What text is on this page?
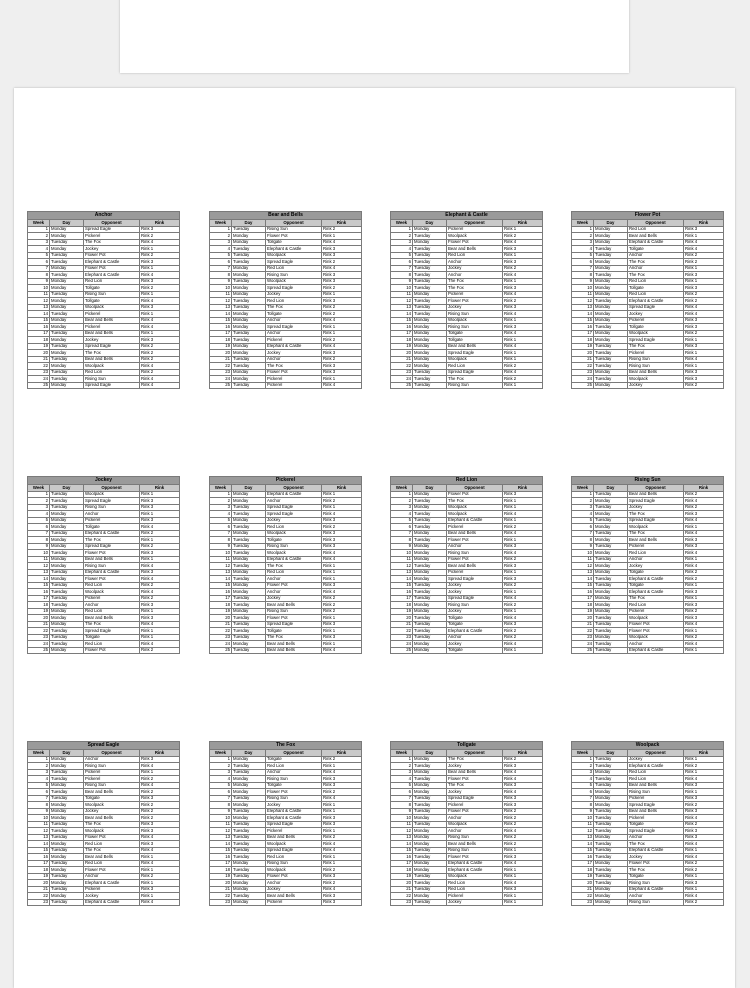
Anchor			
Week	Day	Opponent	Rink
1	Monday	Spread Eagle	Rink 3
2	Monday	Pickerel	Rink 2
3	Tuesday	The Fox	Rink 4
4	Monday	Jockey	Rink 1
5	Tuesday	Flower Pot	Rink 2
6	Tuesday	Elephant & Castle	Rink 3
7	Monday	Flower Pot	Rink 1
8	Tuesday	Elephant & Castle	Rink 4
9	Monday	Red Lion	Rink 3
10	Monday	Tollgate	Rink 2
11	Tuesday	Rising Sun	Rink 1
12	Monday	Tollgate	Rink 4
13	Monday	Woolpack	Rink 3
14	Tuesday	Pickerel	Rink 1
15	Monday	Bear and Bells	Rink 4
16	Monday	Pickerel	Rink 4
17	Tuesday	Bear and Bells	Rink 1
18	Monday	Jockey	Rink 3
19	Tuesday	Spread Eagle	Rink 2
20	Monday	The Fox	Rink 2
21	Tuesday	Bear and Bells	Rink 2
22	Monday	Woolpack	Rink 4
23	Tuesday	Red Lion	Rink 2
24	Tuesday	Rising Sun	Rink 4
25	Monday	Spread Eagle	Rink 4
Bear and Bells			
Week	Day	Opponent	Rink
1	Tuesday	Rising Sun	Rink 2
2	Monday	Flower Pot	Rink 1
3	Monday	Tollgate	Rink 4
4	Tuesday	Elephant & Castle	Rink 3
5	Tuesday	Woolpack	Rink 3
6	Tuesday	Spread Eagle	Rink 2
7	Monday	Red Lion	Rink 4
8	Monday	Rising Sun	Rink 3
9	Tuesday	Woolpack	Rink 3
10	Monday	Spread Eagle	Rink 2
11	Monday	Jockey	Rink 1
12	Tuesday	Red Lion	Rink 3
13	Tuesday	The Fox	Rink 2
14	Monday	Tollgate	Rink 2
15	Monday	Anchor	Rink 4
16	Monday	Spread Eagle	Rink 1
17	Tuesday	Anchor	Rink 1
18	Tuesday	Pickerel	Rink 2
19	Monday	Elephant & Castle	Rink 4
20	Monday	Jockey	Rink 3
21	Tuesday	Anchor	Rink 2
22	Tuesday	The Fox	Rink 3
23	Monday	Flower Pot	Rink 3
24	Monday	Pickerel	Rink 1
25	Tuesday	Pickerel	Rink 4
Elephant & Castle			
Week	Day	Opponent	Rink
1	Monday	Pickerel	Rink 1
2	Tuesday	Woolpack	Rink 2
3	Monday	Flower Pot	Rink 4
4	Tuesday	Bear and Bells	Rink 3
5	Tuesday	Red Lion	Rink 1
6	Tuesday	Anchor	Rink 3
7	Tuesday	Jockey	Rink 2
8	Tuesday	Anchor	Rink 4
9	Tuesday	The Fox	Rink 1
10	Tuesday	The Fox	Rink 3
11	Monday	Pickerel	Rink 4
12	Tuesday	Flower Pot	Rink 2
13	Tuesday	Jockey	Rink 3
14	Tuesday	Rising Sun	Rink 4
15	Monday	Woolpack	Rink 1
16	Monday	Rising Sun	Rink 3
17	Monday	Tollgate	Rink 4
18	Monday	Tollgate	Rink 1
19	Monday	Bear and Bells	Rink 4
20	Monday	Spread Eagle	Rink 1
21	Monday	Woolpack	Rink 1
22	Monday	Red Lion	Rink 2
23	Tuesday	Spread Eagle	Rink 4
24	Tuesday	The Fox	Rink 2
25	Tuesday	Rising Sun	Rink 1
Flower Pot			
Week	Day	Opponent	Rink
1	Monday	Red Lion	Rink 3
2	Monday	Bear and Bells	Rink 1
3	Monday	Elephant & Castle	Rink 4
4	Tuesday	Tollgate	Rink 4
5	Tuesday	Anchor	Rink 2
6	Monday	The Fox	Rink 2
7	Monday	Anchor	Rink 1
8	Tuesday	The Fox	Rink 3
9	Monday	Red Lion	Rink 1
10	Monday	Tollgate	Rink 3
11	Monday	Red Lion	Rink 2
12	Tuesday	Elephant & Castle	Rink 2
13	Monday	Spread Eagle	Rink 4
14	Monday	Jockey	Rink 4
15	Monday	Pickerel	Rink 3
16	Tuesday	Tollgate	Rink 3
17	Monday	Woolpack	Rink 2
18	Monday	Spread Eagle	Rink 1
19	Tuesday	The Fox	Rink 3
20	Tuesday	Pickerel	Rink 1
21	Tuesday	Rising Sun	Rink 4
22	Tuesday	Rising Sun	Rink 1
23	Monday	Bear and Bells	Rink 3
24	Tuesday	Woolpack	Rink 3
25	Monday	Jockey	Rink 2
Jockey			
Week	Day	Opponent	Rink
1	Tuesday	Woolpack	Rink 1
2	Tuesday	Spread Eagle	Rink 3
3	Tuesday	Rising Sun	Rink 3
4	Monday	Anchor	Rink 1
5	Monday	Pickerel	Rink 3
6	Monday	Tollgate	Rink 4
7	Tuesday	Elephant & Castle	Rink 2
8	Monday	The Fox	Rink 1
9	Monday	Spread Eagle	Rink 2
10	Tuesday	Flower Pot	Rink 3
11	Monday	Bear and Bells	Rink 1
12	Monday	Rising Sun	Rink 4
13	Tuesday	Elephant & Castle	Rink 3
14	Monday	Flower Pot	Rink 4
15	Tuesday	Red Lion	Rink 2
16	Tuesday	Woolpack	Rink 4
17	Tuesday	Pickerel	Rink 2
18	Tuesday	Anchor	Rink 3
19	Monday	Red Lion	Rink 1
20	Monday	Bear and Bells	Rink 3
21	Monday	The Fox	Rink 4
22	Tuesday	Spread Eagle	Rink 1
23	Tuesday	Tollgate	Rink 1
24	Tuesday	Red Lion	Rink 4
25	Monday	Flower Pot	Rink 2
Pickerel			
Week	Day	Opponent	Rink
1	Monday	Elephant & Castle	Rink 1
2	Monday	Anchor	Rink 2
3	Tuesday	Spread Eagle	Rink 1
4	Tuesday	Spread Eagle	Rink 4
5	Monday	Jockey	Rink 3
6	Tuesday	Red Lion	Rink 2
7	Monday	Woolpack	Rink 3
8	Tuesday	Tollgate	Rink 3
9	Tuesday	Rising Sun	Rink 3
10	Tuesday	Woolpack	Rink 4
11	Monday	Elephant & Castle	Rink 4
12	Tuesday	The Fox	Rink 1
13	Monday	Red Lion	Rink 1
14	Tuesday	Anchor	Rink 1
15	Monday	Flower Pot	Rink 3
16	Monday	Anchor	Rink 4
17	Tuesday	Jockey	Rink 2
18	Tuesday	Bear and Bells	Rink 2
19	Monday	Rising Sun	Rink 2
20	Tuesday	Flower Pot	Rink 1
21	Tuesday	Spread Eagle	Rink 3
22	Tuesday	Tollgate	Rink 1
23	Tuesday	The Fox	Rink 3
24	Monday	Bear and Bells	Rink 1
25	Tuesday	Bear and Bells	Rink 4
Red Lion			
Week	Day	Opponent	Rink
1	Monday	Flower Pot	Rink 3
2	Tuesday	The Fox	Rink 1
3	Monday	Woolpack	Rink 1
4	Tuesday	Woolpack	Rink 4
5	Tuesday	Elephant & Castle	Rink 1
6	Tuesday	Pickerel	Rink 2
7	Monday	Bear and Bells	Rink 4
8	Tuesday	Flower Pot	Rink 1
9	Monday	Anchor	Rink 3
10	Monday	Rising Sun	Rink 4
11	Monday	Flower Pot	Rink 2
12	Tuesday	Bear and Bells	Rink 3
13	Monday	Pickerel	Rink 1
14	Monday	Spread Eagle	Rink 3
15	Tuesday	Jockey	Rink 2
16	Tuesday	Jockey	Rink 1
17	Tuesday	Spread Eagle	Rink 4
18	Monday	Rising Sun	Rink 2
19	Monday	Jockey	Rink 1
20	Tuesday	Tollgate	Rink 4
21	Tuesday	Tollgate	Rink 3
22	Tuesday	Elephant & Castle	Rink 2
23	Tuesday	Anchor	Rink 2
24	Monday	Jockey	Rink 4
25	Monday	Tollgate	Rink 1
Rising Sun			
Week	Day	Opponent	Rink
1	Tuesday	Bear and Bells	Rink 2
2	Monday	Spread Eagle	Rink 4
3	Tuesday	Jockey	Rink 2
4	Monday	The Fox	Rink 3
5	Tuesday	Spread Eagle	Rink 4
6	Monday	Woolpack	Rink 1
7	Tuesday	The Fox	Rink 4
8	Monday	Bear and Bells	Rink 3
9	Tuesday	Pickerel	Rink 3
10	Monday	Red Lion	Rink 4
11	Tuesday	Anchor	Rink 1
12	Monday	Jockey	Rink 4
13	Monday	Tollgate	Rink 2
14	Tuesday	Elephant & Castle	Rink 2
15	Tuesday	Tollgate	Rink 1
16	Monday	Elephant & Castle	Rink 3
17	Monday	The Fox	Rink 1
18	Monday	Red Lion	Rink 3
19	Monday	Pickerel	Rink 2
20	Tuesday	Woolpack	Rink 3
21	Tuesday	Flower Pot	Rink 4
22	Tuesday	Flower Pot	Rink 1
23	Monday	Woolpack	Rink 2
24	Tuesday	Anchor	Rink 4
25	Tuesday	Elephant & Castle	Rink 1
Spread Eagle			
Week	Day	Opponent	Rink
1	Monday	Anchor	Rink 3
2	Monday	Rising Sun	Rink 4
3	Tuesday	Pickerel	Rink 1
4	Tuesday	Pickerel	Rink 2
5	Monday	Rising Sun	Rink 4
6	Tuesday	Bear and Bells	Rink 2
7	Tuesday	Tollgate	Rink 3
8	Monday	Woolpack	Rink 2
9	Monday	Jockey	Rink 2
10	Monday	Bear and Bells	Rink 2
11	Tuesday	The Fox	Rink 3
12	Tuesday	Woolpack	Rink 3
13	Tuesday	Flower Pot	Rink 4
14	Monday	Red Lion	Rink 3
15	Tuesday	The Fox	Rink 4
16	Monday	Bear and Bells	Rink 1
17	Tuesday	Red Lion	Rink 4
18	Monday	Flower Pot	Rink 1
19	Tuesday	Anchor	Rink 2
20	Monday	Elephant & Castle	Rink 1
21	Tuesday	Pickerel	Rink 3
22	Monday	Jockey	Rink 1
23	Tuesday	Elephant & Castle	Rink 4
The Fox			
Week	Day	Opponent	Rink
1	Monday	Tollgate	Rink 2
2	Tuesday	Red Lion	Rink 1
3	Tuesday	Anchor	Rink 4
4	Monday	Rising Sun	Rink 3
5	Monday	Tollgate	Rink 3
6	Monday	Flower Pot	Rink 2
7	Tuesday	Rising Sun	Rink 4
8	Monday	Jockey	Rink 1
9	Tuesday	Elephant & Castle	Rink 1
10	Monday	Elephant & Castle	Rink 3
11	Tuesday	Spread Eagle	Rink 3
12	Tuesday	Pickerel	Rink 1
13	Tuesday	Bear and Bells	Rink 2
14	Tuesday	Woolpack	Rink 4
15	Tuesday	Spread Eagle	Rink 4
16	Tuesday	Red Lion	Rink 1
17	Monday	Rising Sun	Rink 1
18	Tuesday	Woolpack	Rink 2
19	Tuesday	Flower Pot	Rink 3
20	Monday	Anchor	Rink 2
21	Monday	Jockey	Rink 4
22	Tuesday	Bear and Bells	Rink 3
23	Monday	Pickerel	Rink 3
Tollgate			
Week	Day	Opponent	Rink
1	Monday	The Fox	Rink 2
2	Tuesday	Jockey	Rink 3
3	Monday	Bear and Bells	Rink 4
4	Tuesday	Flower Pot	Rink 4
5	Monday	The Fox	Rink 3
6	Monday	Jockey	Rink 4
7	Tuesday	Spread Eagle	Rink 3
8	Tuesday	Pickerel	Rink 3
9	Tuesday	Flower Pot	Rink 2
10	Monday	Anchor	Rink 2
11	Tuesday	Woolpack	Rink 2
12	Monday	Anchor	Rink 4
13	Monday	Rising Sun	Rink 2
14	Monday	Bear and Bells	Rink 2
15	Tuesday	Rising Sun	Rink 1
16	Tuesday	Flower Pot	Rink 3
17	Monday	Elephant & Castle	Rink 4
18	Monday	Elephant & Castle	Rink 1
19	Tuesday	Woolpack	Rink 1
20	Tuesday	Red Lion	Rink 4
21	Tuesday	Red Lion	Rink 3
22	Monday	Pickerel	Rink 1
23	Tuesday	Jockey	Rink 1
Woolpack			
Week	Day	Opponent	Rink
1	Tuesday	Jockey	Rink 1
2	Tuesday	Elephant & Castle	Rink 2
3	Monday	Red Lion	Rink 1
4	Tuesday	Red Lion	Rink 4
5	Tuesday	Bear and Bells	Rink 3
6	Monday	Rising Sun	Rink 1
7	Monday	Pickerel	Rink 3
8	Monday	Spread Eagle	Rink 2
9	Tuesday	Bear and Bells	Rink 3
10	Tuesday	Pickerel	Rink 4
11	Tuesday	Tollgate	Rink 2
12	Tuesday	Spread Eagle	Rink 3
13	Monday	Anchor	Rink 3
14	Tuesday	The Fox	Rink 4
15	Tuesday	Elephant & Castle	Rink 1
16	Tuesday	Jockey	Rink 4
17	Monday	Flower Pot	Rink 2
18	Tuesday	The Fox	Rink 2
19	Tuesday	Tollgate	Rink 1
20	Tuesday	Rising Sun	Rink 3
21	Monday	Elephant & Castle	Rink 1
22	Monday	Anchor	Rink 4
23	Monday	Rising Sun	Rink 2
